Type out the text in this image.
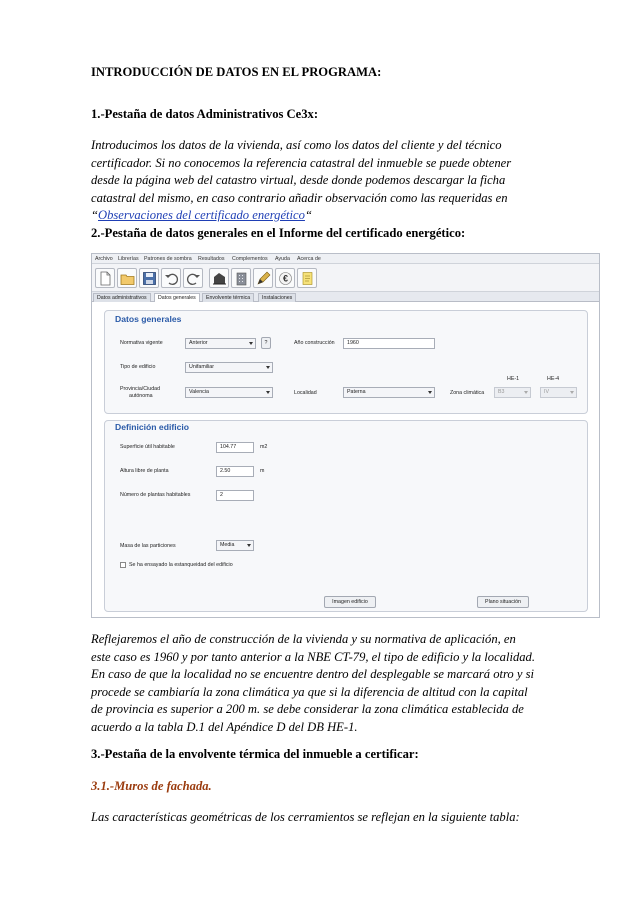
INTRODUCCIÓN DE DATOS EN EL PROGRAMA:
1.-Pestaña de datos Administrativos Ce3x:
Introducimos los datos de la vivienda, así como los datos del cliente y del técnico
certificador. Si no conocemos la referencia catastral del inmueble se puede obtener
desde la página web del catastro virtual, desde donde podemos descargar la ficha
catastral del mismo, en caso contrario añadir observación como las requeridas en
“Observaciones del certificado energético“
2.-Pestaña de datos generales en el Informe del certificado energético:
Archivo Librerías Patrones de sombra Resultados Complementos Ayuda Acerca de
€
Datos administrativos	Datos generales	Envolvente térmica	Instalaciones
Datos generales
Normativa vigente	Anterior	?	Año construcción	1960
Tipo de edificio	Unifamiliar
HE-1	HE-4
Provincia/Ciudad
autónoma
Valencia	Localidad	Paterna	Zona climática	B3	IV
Definición edificio
Superficie útil habitable	104.77	m2
Altura libre de planta	2.50	m
Número de plantas habitables	2
Masa de las particiones	Media
Se ha ensayado la estanqueidad del edificio
Imagen edificio	Plano situación
Reflejaremos el año de construcción de la vivienda y su normativa de aplicación, en
este caso es 1960 y por tanto anterior a la NBE CT-79, el tipo de edificio y la localidad.
En caso de que la localidad no se encuentre dentro del desplegable se marcará otro y si
procede se cambiaría la zona climática ya que si la diferencia de altitud con la capital
de provincia es superior a 200 m. se debe considerar la zona climática establecida de
acuerdo a la tabla D.1 del Apéndice D del DB HE-1.
3.-Pestaña de la envolvente térmica del inmueble a certificar:
3.1.-Muros de fachada.
Las características geométricas de los cerramientos se reflejan en la siguiente tabla:
